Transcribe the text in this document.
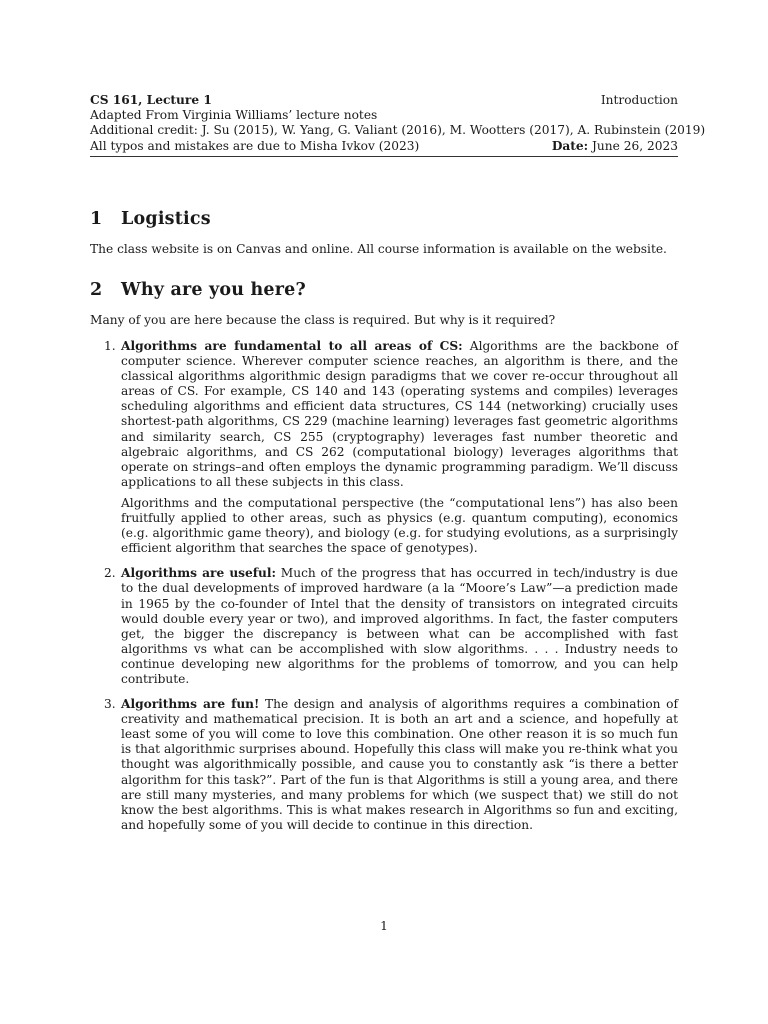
CS 161, Lecture 1	Introduction
Adapted From Virginia Williams’ lecture notes
Additional credit: J. Su (2015), W. Yang, G. Valiant (2016), M. Wootters (2017), A. Rubinstein (2019)
All typos and mistakes are due to Misha Ivkov (2023)	Date: June 26, 2023
1 Logistics

The class website is on Canvas and online. All course information is available on the website.

2 Why are you here?

Many of you are here because the class is required. But why is it required?

1. Algorithms are fundamental to all areas of CS: Algorithms are the backbone of computer science. Wherever computer science reaches, an algorithm is there, and the classical algorithms algorithmic design paradigms that we cover re-occur throughout all areas of CS. For example, CS 140 and 143 (operating systems and compiles) leverages scheduling algorithms and efficient data structures, CS 144 (networking) crucially uses shortest-path algorithms, CS 229 (machine learning) leverages fast geometric algorithms and similarity search, CS 255 (cryptography) leverages fast number theoretic and algebraic algorithms, and CS 262 (computational biology) leverages algorithms that operate on strings–and often employs the dynamic programming paradigm. We’ll discuss applications to all these subjects in this class.

Algorithms and the computational perspective (the “computational lens”) has also been fruitfully applied to other areas, such as physics (e.g. quantum computing), economics (e.g. algorithmic game theory), and biology (e.g. for studying evolutions, as a surprisingly efficient algorithm that searches the space of genotypes).

2. Algorithms are useful: Much of the progress that has occurred in tech/industry is due to the dual developments of improved hardware (a la “Moore’s Law”—a prediction made in 1965 by the co-founder of Intel that the density of transistors on integrated circuits would double every year or two), and improved algorithms. In fact, the faster computers get, the bigger the discrepancy is between what can be accomplished with fast algorithms vs what can be accomplished with slow algorithms. . . . Industry needs to continue developing new algorithms for the problems of tomorrow, and you can help contribute.

3. Algorithms are fun! The design and analysis of algorithms requires a combination of creativity and mathematical precision. It is both an art and a science, and hopefully at least some of you will come to love this combination. One other reason it is so much fun is that algorithmic surprises abound. Hopefully this class will make you re-think what you thought was algorithmically possible, and cause you to constantly ask “is there a better algorithm for this task?”. Part of the fun is that Algorithms is still a young area, and there are still many mysteries, and many problems for which (we suspect that) we still do not know the best algorithms. This is what makes research in Algorithms so fun and exciting, and hopefully some of you will decide to continue in this direction.

1
